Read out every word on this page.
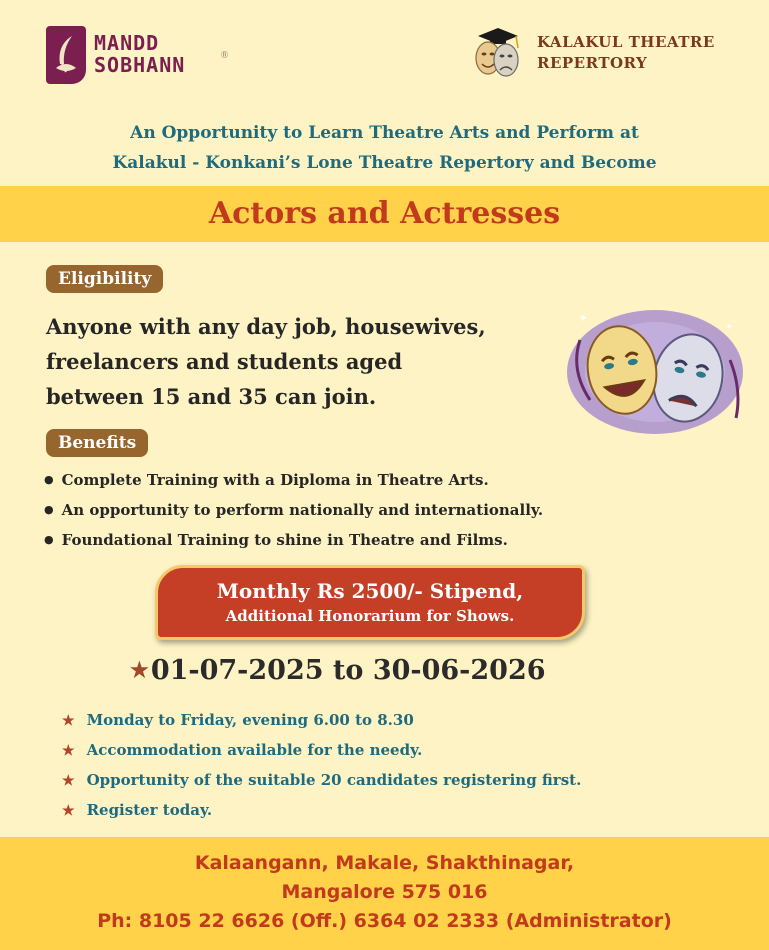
MANDD
SOBHANN	Ⓡ
KALAKUL THEATRE
REPERTORY
An Opportunity to Learn Theatre Arts and Perform at
Kalakul - Konkani’s Lone Theatre Repertory and Become
Actors and Actresses
Eligibility
Anyone with any day job, housewives,
freelancers and students aged
between 15 and 35 can join.
✦
✦
Benefits
● Complete Training with a Diploma in Theatre Arts.
● An opportunity to perform nationally and internationally.
● Foundational Training to shine in Theatre and Films.
Monthly Rs 2500/- Stipend,
Additional Honorarium for Shows.
★01-07-2025 to 30-06-2026
★ Monday to Friday, evening 6.00 to 8.30
★ Accommodation available for the needy.
★ Opportunity of the suitable 20 candidates registering first.
★ Register today.
Kalaangann, Makale, Shakthinagar,
Mangalore 575 016
Ph: 8105 22 6626 (Off.) 6364 02 2333 (Administrator)
